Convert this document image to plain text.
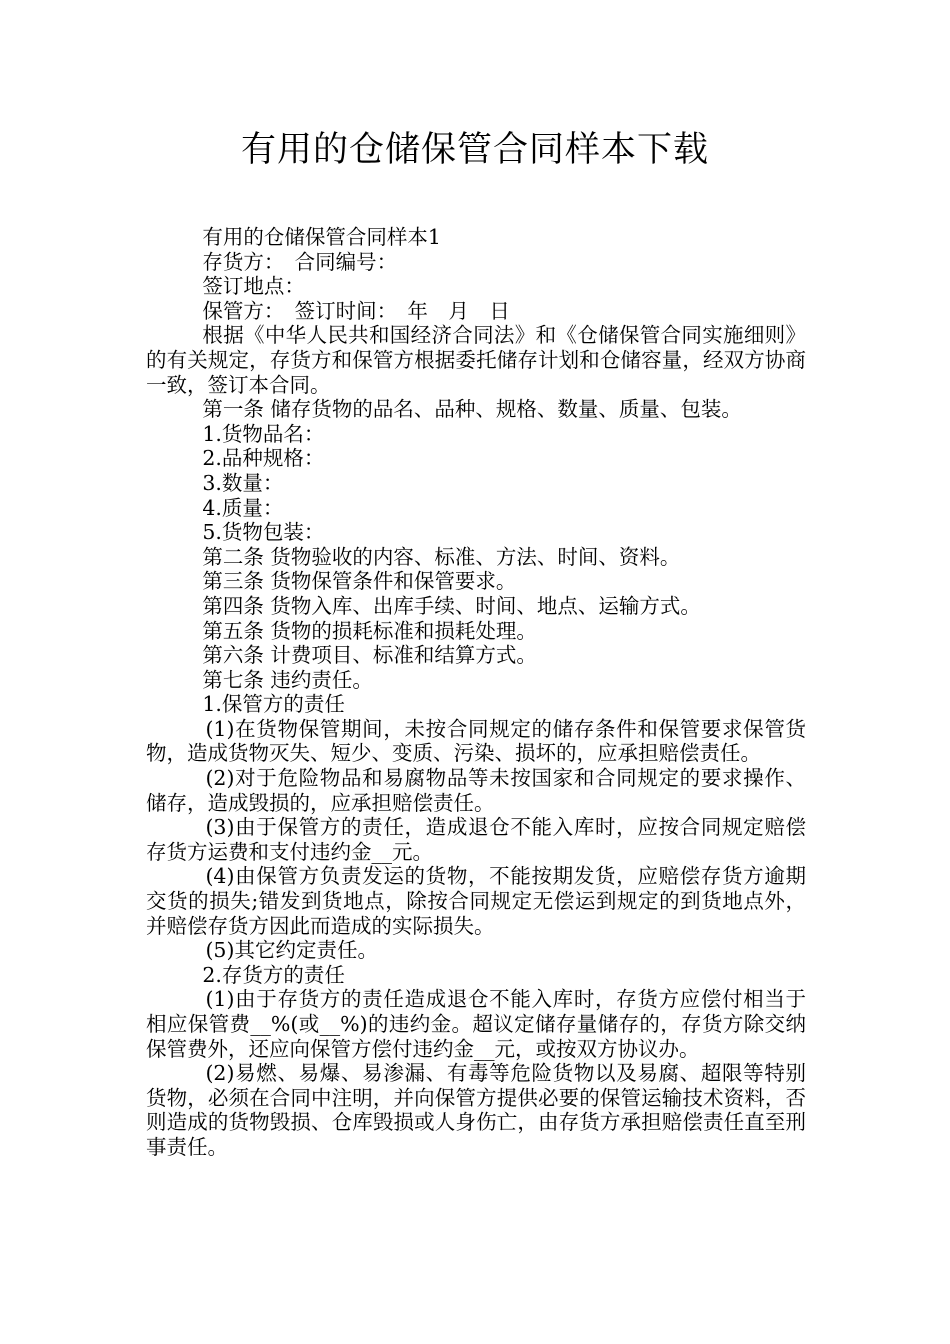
有用的仓储保管合同样本下载

有用的仓储保管合同样本1

存货方：　合同编号：

签订地点：

保管方：　签订时间：　年　月　日

根据《中华人民共和国经济合同法》和《仓储保管合同实施细则》的有关规定，存货方和保管方根据委托储存计划和仓储容量，经双方协商一致，签订本合同。

第一条 储存货物的品名、品种、规格、数量、质量、包装。

1.货物品名：

2.品种规格：

3.数量：

4.质量：

5.货物包装：

第二条 货物验收的内容、标准、方法、时间、资料。

第三条 货物保管条件和保管要求。

第四条 货物入库、出库手续、时间、地点、运输方式。

第五条 货物的损耗标准和损耗处理。

第六条 计费项目、标准和结算方式。

第七条 违约责任。

1.保管方的责任

(1)在货物保管期间，未按合同规定的储存条件和保管要求保管货物，造成货物灭失、短少、变质、污染、损坏的，应承担赔偿责任。

(2)对于危险物品和易腐物品等未按国家和合同规定的要求操作、储存，造成毁损的，应承担赔偿责任。

(3)由于保管方的责任，造成退仓不能入库时，应按合同规定赔偿存货方运费和支付违约金__元。

(4)由保管方负责发运的货物，不能按期发货，应赔偿存货方逾期交货的损失;错发到货地点，除按合同规定无偿运到规定的到货地点外，并赔偿存货方因此而造成的实际损失。

(5)其它约定责任。

2.存货方的责任

(1)由于存货方的责任造成退仓不能入库时，存货方应偿付相当于相应保管费__%(或__%)的违约金。超议定储存量储存的，存货方除交纳保管费外，还应向保管方偿付违约金__元，或按双方协议办。

(2)易燃、易爆、易渗漏、有毒等危险货物以及易腐、超限等特别货物，必须在合同中注明，并向保管方提供必要的保管运输技术资料，否则造成的货物毁损、仓库毁损或人身伤亡，由存货方承担赔偿责任直至刑事责任。
